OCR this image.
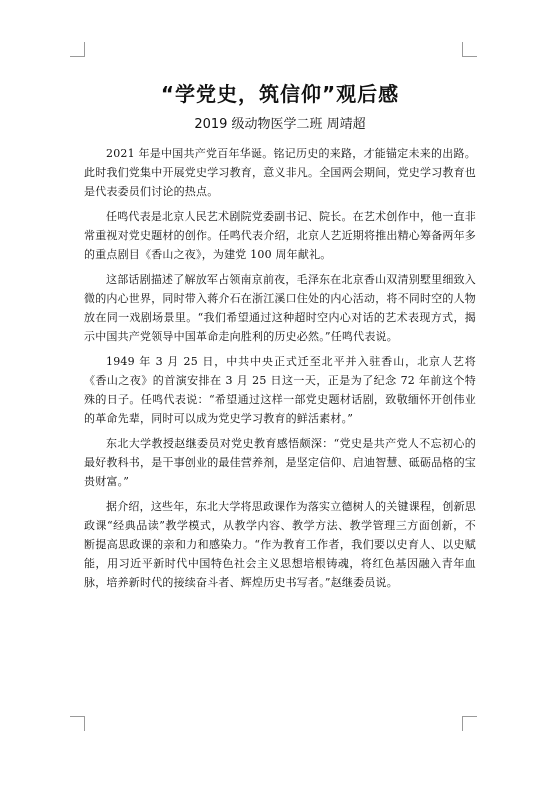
“学党史，筑信仰”观后感
2019 级动物医学二班 周靖超

2021 年是中国共产党百年华诞。铭记历史的来路，才能锚定未来的出路。此时我们党集中开展党史学习教育，意义非凡。全国两会期间，党史学习教育也是代表委员们讨论的热点。

任鸣代表是北京人民艺术剧院党委副书记、院长。在艺术创作中，他一直非常重视对党史题材的创作。任鸣代表介绍，北京人艺近期将推出精心筹备两年多的重点剧目《香山之夜》，为建党 100 周年献礼。

这部话剧描述了解放军占领南京前夜，毛泽东在北京香山双清别墅里细致入微的内心世界，同时带入蒋介石在浙江溪口住处的内心活动，将不同时空的人物放在同一戏剧场景里。“我们希望通过这种超时空内心对话的艺术表现方式，揭示中国共产党领导中国革命走向胜利的历史必然。”任鸣代表说。

1949 年 3 月 25 日，中共中央正式迁至北平并入驻香山，北京人艺将《香山之夜》的首演安排在 3 月 25 日这一天，正是为了纪念 72 年前这个特殊的日子。任鸣代表说：“希望通过这样一部党史题材话剧，致敬缅怀开创伟业的革命先辈，同时可以成为党史学习教育的鲜活素材。”

东北大学教授赵继委员对党史教育感悟颇深：“党史是共产党人不忘初心的最好教科书，是干事创业的最佳营养剂，是坚定信仰、启迪智慧、砥砺品格的宝贵财富。”

据介绍，这些年，东北大学将思政课作为落实立德树人的关键课程，创新思政课“经典品读”教学模式，从教学内容、教学方法、教学管理三方面创新，不断提高思政课的亲和力和感染力。“作为教育工作者，我们要以史育人、以史赋能，用习近平新时代中国特色社会主义思想培根铸魂，将红色基因融入青年血脉，培养新时代的接续奋斗者、辉煌历史书写者。”赵继委员说。
